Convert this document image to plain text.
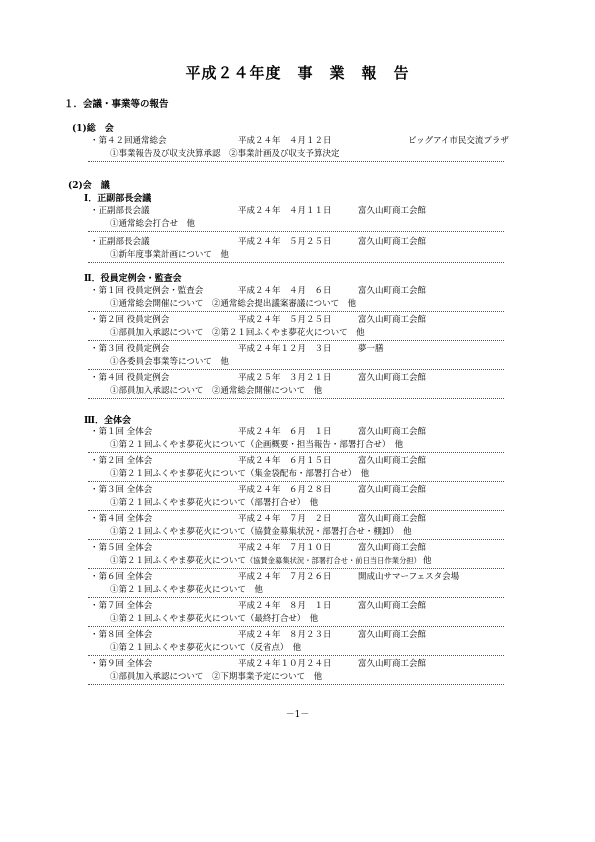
平成２４年度　事　業　報　告
１．会議・事業等の報告
(1)総　会
・第４２回通常総会	平成２４年　４月１２日	ビッグアイ市民交流プラザ
①事業報告及び収支決算承認　②事業計画及び収支予算決定
(2)会　議
Ⅰ．正副部長会議
・正副部長会議	平成２４年　４月１１日	富久山町商工会館
①通常総会打合せ　他
・正副部長会議	平成２４年　５月２５日	富久山町商工会館
①新年度事業計画について　他
Ⅱ．役員定例会・監査会
・第１回 役員定例会・監査会	平成２４年　４月　６日	富久山町商工会館
①通常総会開催について　②通常総会提出議案審議について　他
・第２回 役員定例会	平成２４年　５月２５日	富久山町商工会館
①部員加入承認について　②第２１回ふくやま夢花火について　他
・第３回 役員定例会	平成２４年１２月　３日	夢一膳
①各委員会事業等について　他
・第４回 役員定例会	平成２５年　３月２１日	富久山町商工会館
①部員加入承認について　②通常総会開催について　他
Ⅲ．全体会
・第１回 全体会	平成２４年　６月　１日	富久山町商工会館
①第２１回ふくやま夢花火について（企画概要・担当報告・部署打合せ）　他
・第２回 全体会	平成２４年　６月１５日	富久山町商工会館
①第２１回ふくやま夢花火について（集金袋配布・部署打合せ）　他
・第３回 全体会	平成２４年　６月２８日	富久山町商工会館
①第２１回ふくやま夢花火について（部署打合せ）　他
・第４回 全体会	平成２４年　７月　２日	富久山町商工会館
①第２１回ふくやま夢花火について（協賛金募集状況・部署打合せ・棚卸）　他
・第５回 全体会	平成２４年　７月１０日	富久山町商工会館
①第２１回ふくやま夢花火について（協賛金募集状況・部署打合せ・前日当日作業分担） 他
・第６回 全体会	平成２４年　７月２６日	開成山サマーフェスタ会場
①第２１回ふくやま夢花火について　他
・第７回 全体会	平成２４年　８月　１日	富久山町商工会館
①第２１回ふくやま夢花火について（最終打合せ）　他
・第８回 全体会	平成２４年　８月２３日	富久山町商工会館
①第２１回ふくやま夢花火について（反省点）　他
・第９回 全体会	平成２４年１０月２４日	富久山町商工会館
①部員加入承認について　②下期事業予定について　他
－1－
